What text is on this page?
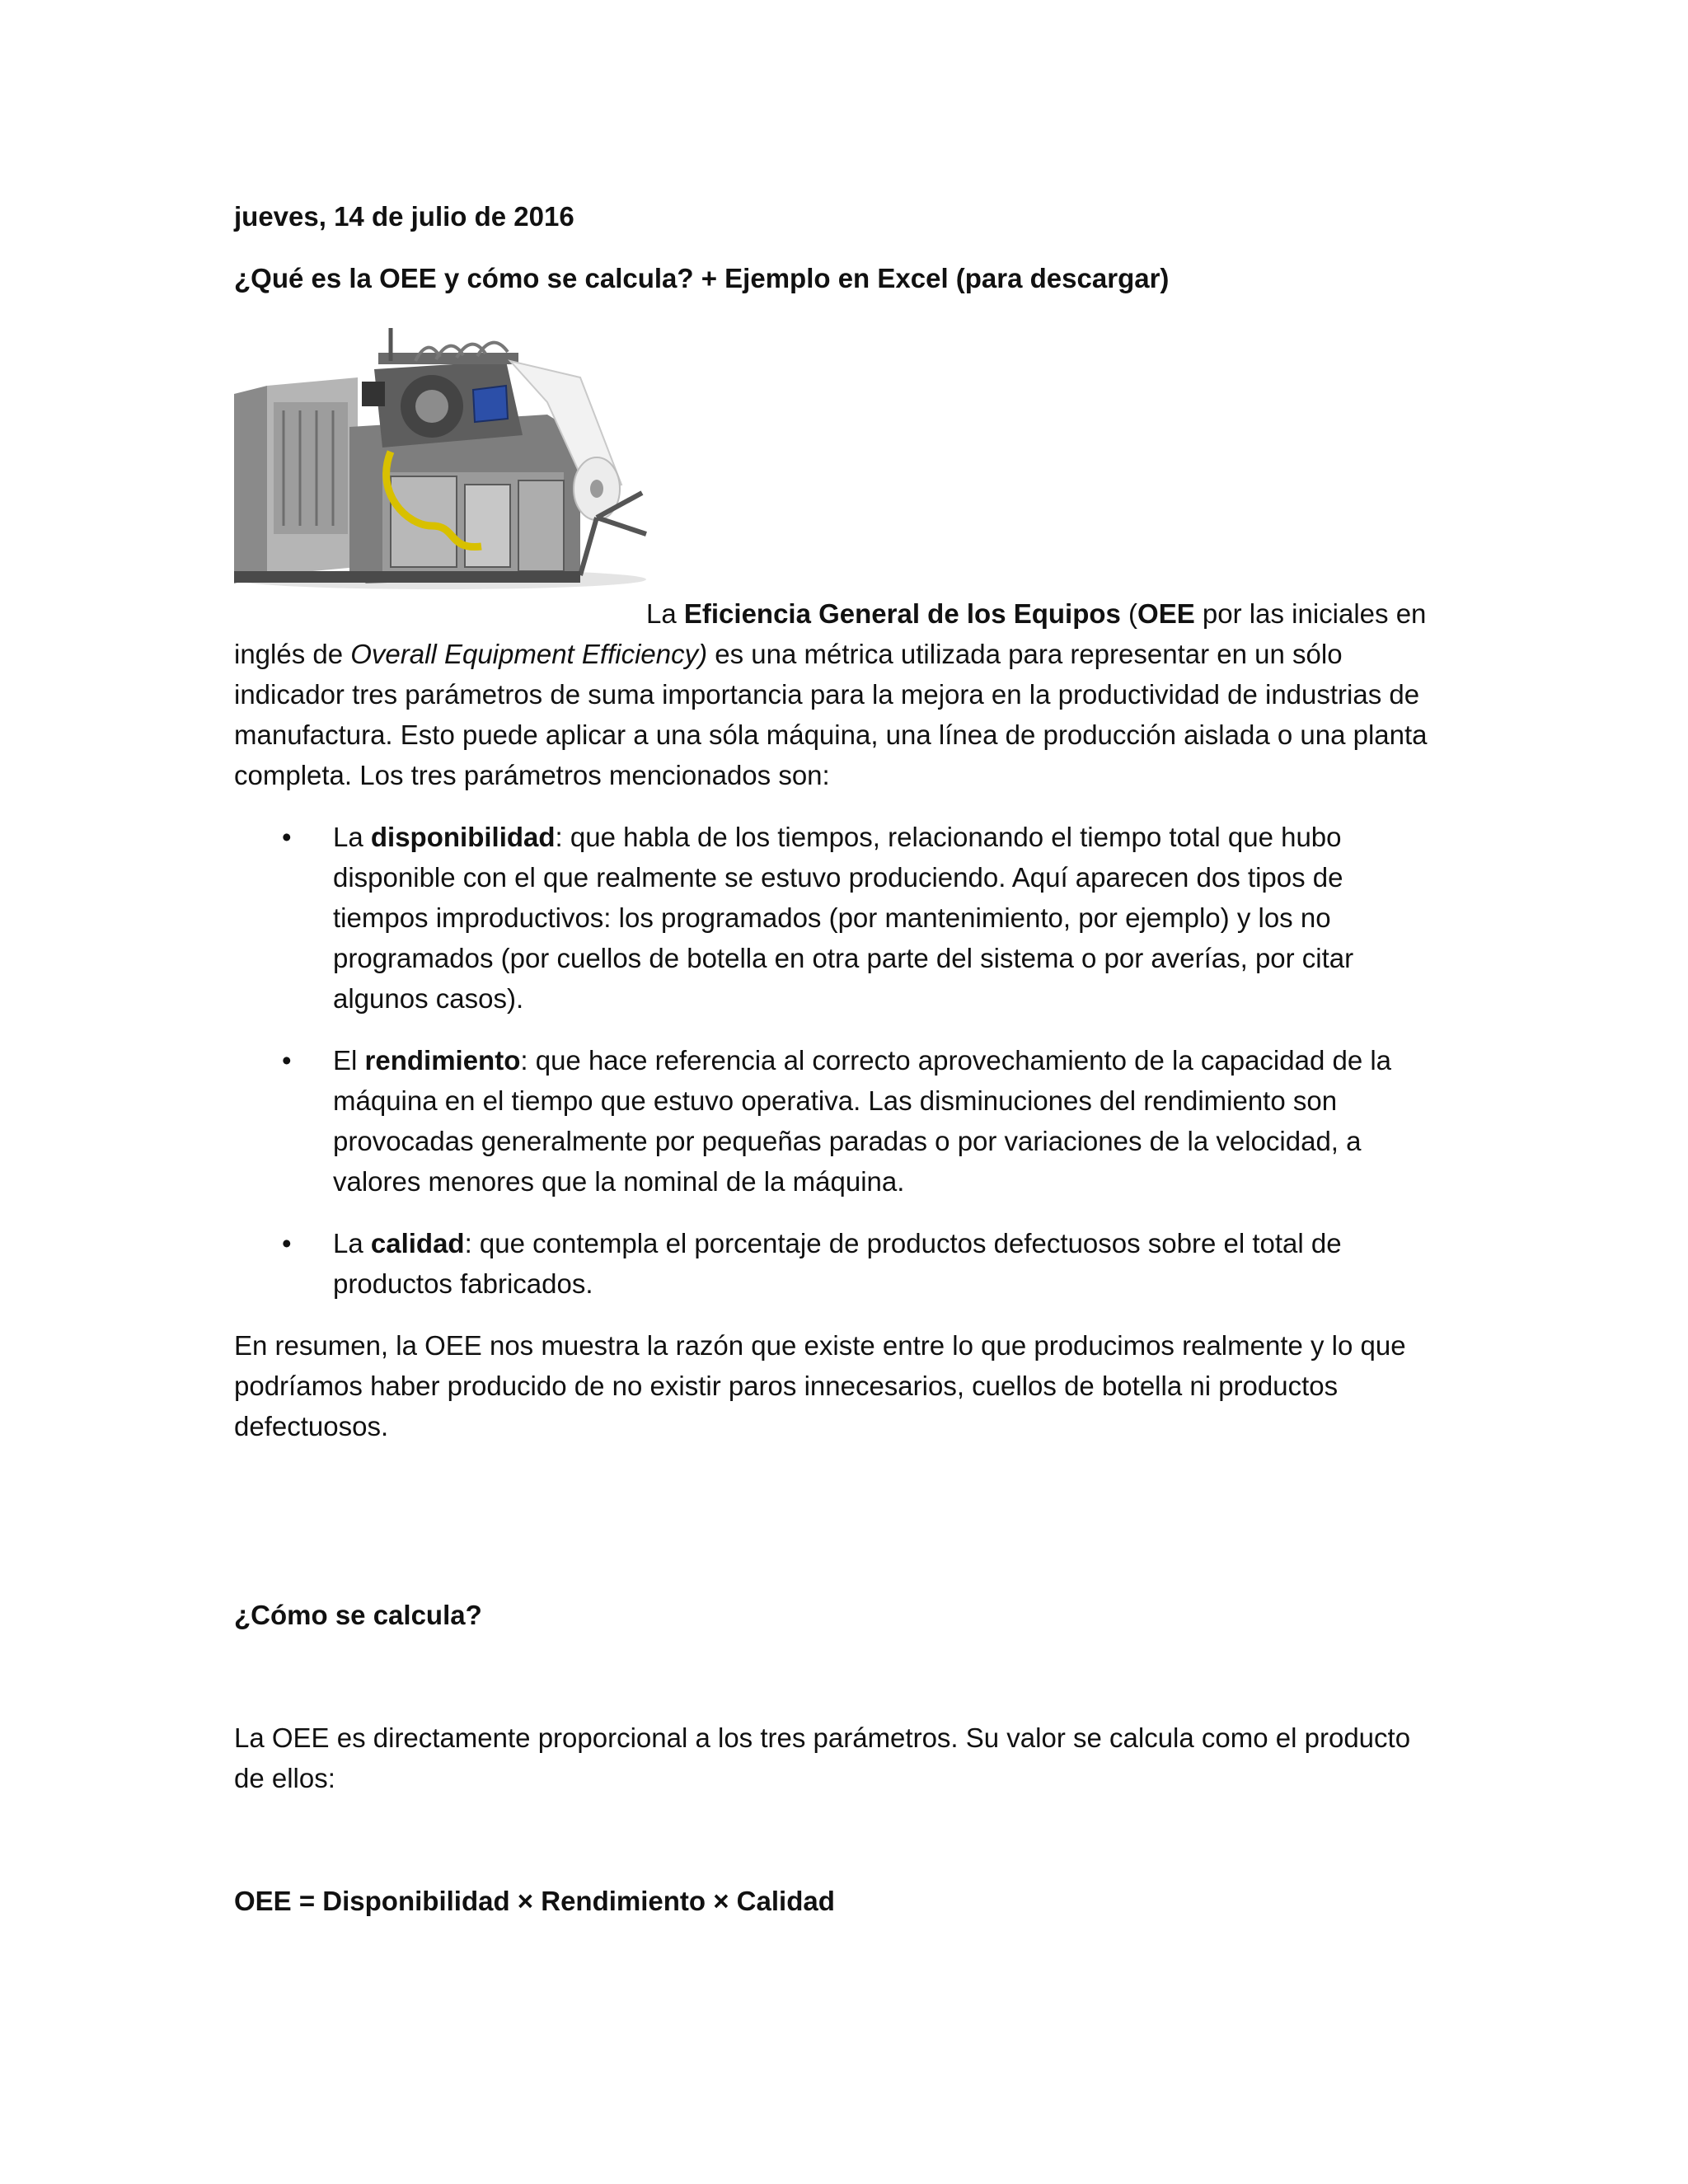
jueves, 14 de julio de 2016

¿Qué es la OEE y cómo se calcula? + Ejemplo en Excel (para descargar)

La Eficiencia General de los Equipos (OEE por las iniciales en inglés de Overall Equipment Efficiency) es una métrica utilizada para representar en un sólo indicador tres parámetros de suma importancia para la mejora en la productividad de industrias de manufactura. Esto puede aplicar a una sóla máquina, una línea de producción aislada o una planta completa. Los tres parámetros mencionados son:

• La disponibilidad: que habla de los tiempos, relacionando el tiempo total que hubo disponible con el que realmente se estuvo produciendo. Aquí aparecen dos tipos de tiempos improductivos: los programados (por mantenimiento, por ejemplo) y los no programados (por cuellos de botella en otra parte del sistema o por averías, por citar algunos casos).
• El rendimiento: que hace referencia al correcto aprovechamiento de la capacidad de la máquina en el tiempo que estuvo operativa. Las disminuciones del rendimiento son provocadas generalmente por pequeñas paradas o por variaciones de la velocidad, a valores menores que la nominal de la máquina.
• La calidad: que contempla el porcentaje de productos defectuosos sobre el total de productos fabricados.

En resumen, la OEE nos muestra la razón que existe entre lo que producimos realmente y lo que podríamos haber producido de no existir paros innecesarios, cuellos de botella ni productos defectuosos.

¿Cómo se calcula?

La OEE es directamente proporcional a los tres parámetros. Su valor se calcula como el producto de ellos:

OEE = Disponibilidad × Rendimiento × Calidad
